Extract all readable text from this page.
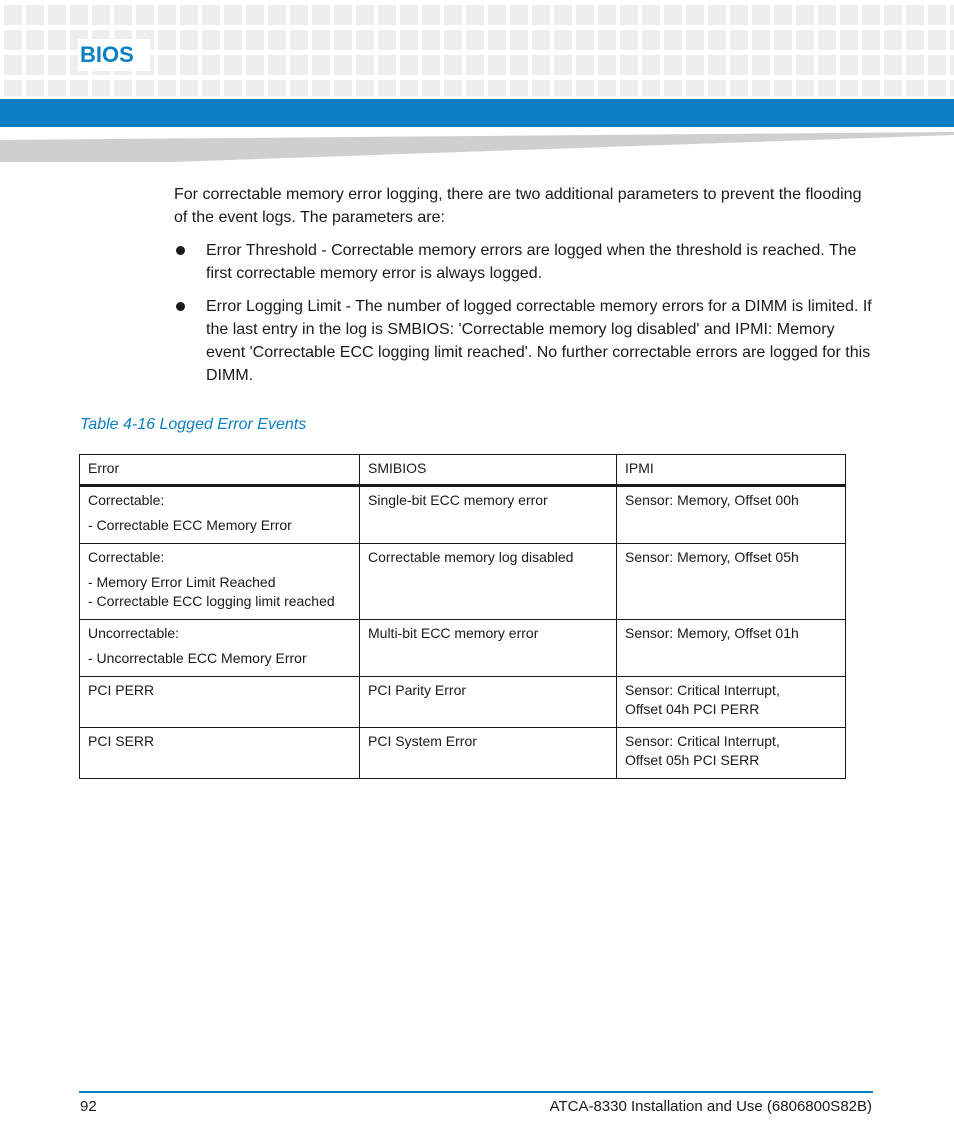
BIOS

For correctable memory error logging, there are two additional parameters to prevent the flooding of the event logs. The parameters are:

Error Threshold - Correctable memory errors are logged when the threshold is reached. The first correctable memory error is always logged.
Error Logging Limit - The number of logged correctable memory errors for a DIMM is limited. If the last entry in the log is SMBIOS: 'Correctable memory log disabled' and IPMI: Memory event 'Correctable ECC logging limit reached'. No further correctable errors are logged for this DIMM.
Table 4-16 Logged Error Events
Error	SMIBIOS	IPMI

Correctable:
- Correctable ECC Memory Error	Single-bit ECC memory error	Sensor: Memory, Offset 00h

Correctable:
- Memory Error Limit Reached
- Correctable ECC logging limit reached	Correctable memory log disabled	Sensor: Memory, Offset 05h

Uncorrectable:
- Uncorrectable ECC Memory Error	Multi-bit ECC memory error	Sensor: Memory, Offset 01h
PCI PERR	PCI Parity Error	Sensor: Critical Interrupt,
Offset 04h PCI PERR

PCI SERR	PCI System Error	Sensor: Critical Interrupt,
Offset 05h PCI SERR
92	ATCA-8330 Installation and Use (6806800S82B)
